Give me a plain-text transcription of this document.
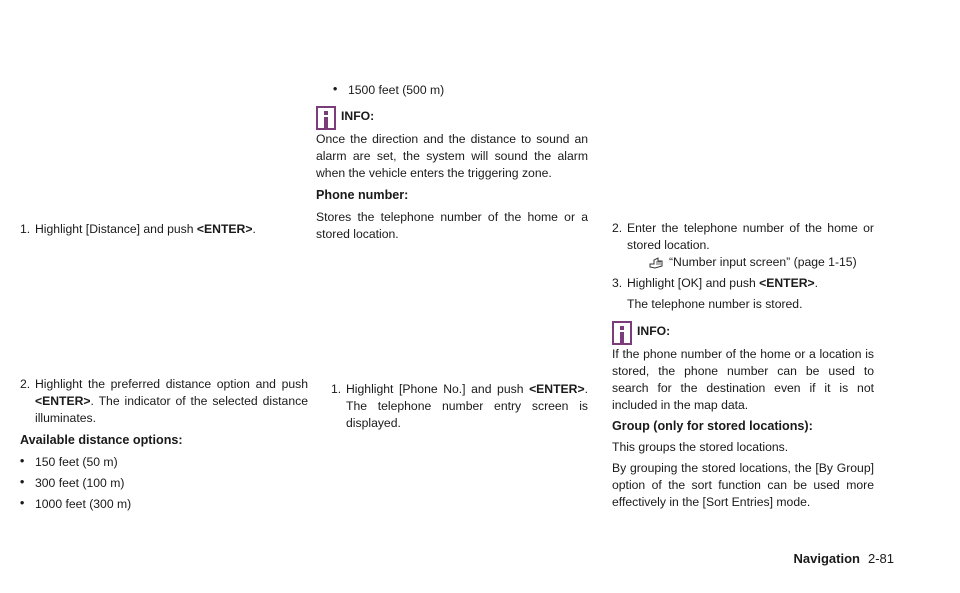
1. Highlight [Distance] and push <ENTER>.
2. Highlight the preferred distance option and push <ENTER>. The indicator of the selected distance illuminates.
Available distance options:
• 150 feet (50 m)
• 300 feet (100 m)
• 1000 feet (300 m)
• 1500 feet (500 m)
INFO:

Once the direction and the distance to sound an alarm are set, the system will sound the alarm when the vehicle enters the triggering zone.

Phone number:

Stores the telephone number of the home or a stored location.

1. Highlight [Phone No.] and push <ENTER>. The telephone number entry screen is displayed.
2. Enter the telephone number of the home or stored location.
“Number input screen” (page 1-15)
3. Highlight [OK] and push <ENTER>.
The telephone number is stored.
INFO:

If the phone number of the home or a location is stored, the phone number can be used to search for the destination even if it is not included in the map data.

Group (only for stored locations):

This groups the stored locations.

By grouping the stored locations, the [By Group] option of the sort function can be used more effectively in the [Sort Entries] mode.

Navigation 2-81
